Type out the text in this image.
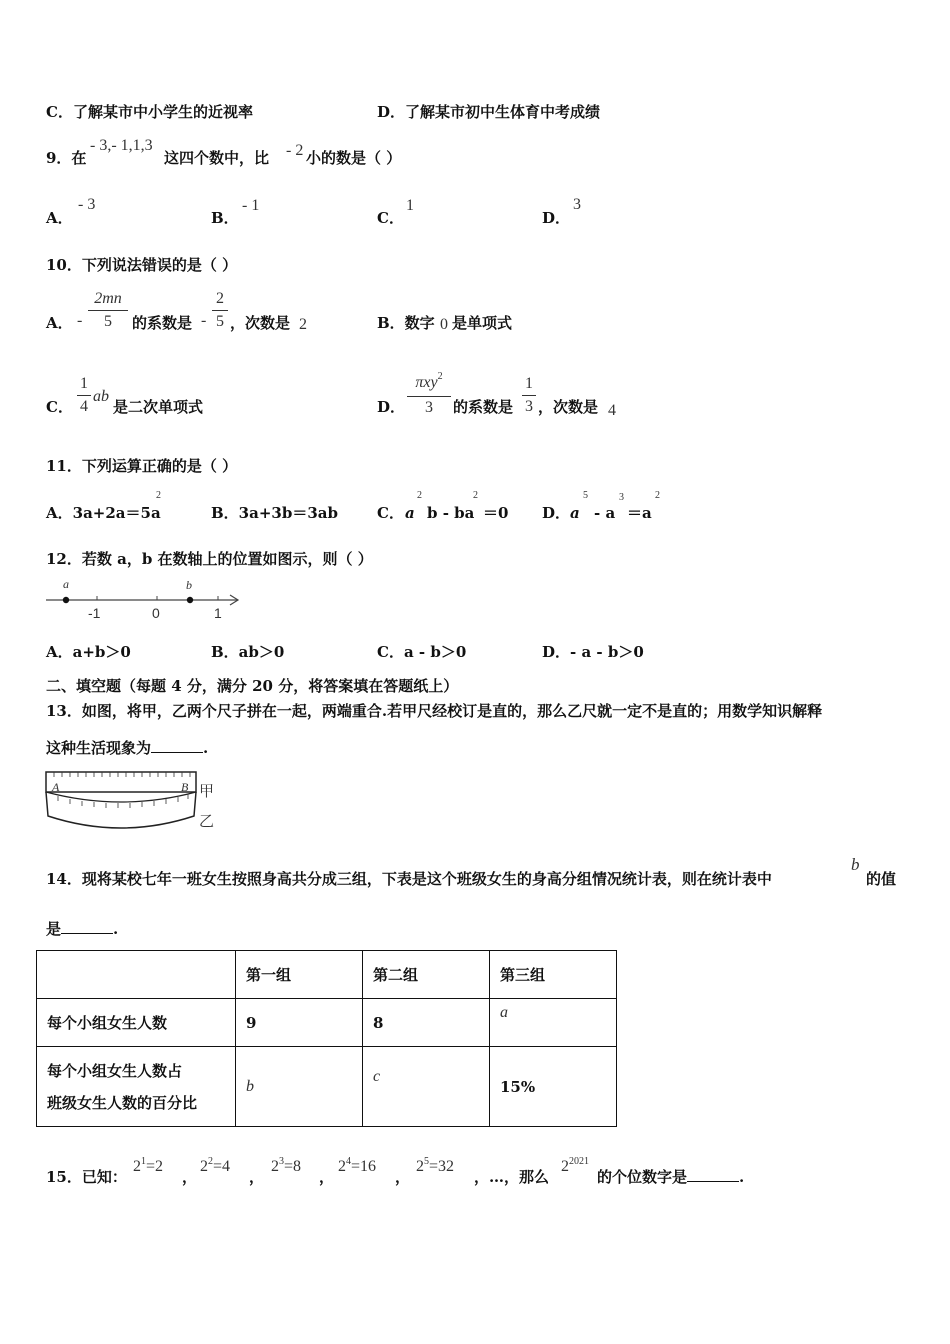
C．了解某市中小学生的近视率	D．了解某市初中生体育中考成绩
9．在
- 3,- 1,1,3
这四个数中，比 - 2 小的数是（ ）
A．
- 3
B．
- 1
C．
1
D．
3
10．下列说法错误的是（ ）
A． -
2mn
5 的系数是 -
2
5 ，次数是 2	B．数字 0 是单项式
C．
1
4
ab
是二次单项式	D．
πxy$^2$
3 的系数是
1
3 ，次数是 4
11．下列运算正确的是（ ）
A．3a+2a＝5a
2
B．3a+3b＝3ab	C． a
2
b - ba
2
＝0 D． a
5
- a
3
＝a
2
12．若数 a，b 在数轴上的位置如图示，则（ ）
a	b
-1	0	1
A．a+b＞0	B．ab＞0	C．a - b＞0	D．- a - b＞0
二、填空题（每题 4 分，满分 20 分，将答案填在答题纸上）
13．如图，将甲，乙两个尺子拼在一起，两端重合.若甲尺经校订是直的，那么乙尺就一定不是直的；用数学知识解释
这种生活现象为	.
A	B 甲
乙
14．现将某校七年一班女生按照身高共分成三组，下表是这个班级女生的身高分组情况统计表，则在统计表中
b
的值
是	.
	第一组	第二组	第三组
每个小组女生人数	9	8	a

每个小组女生人数占
班级女生人数的百分比	b	c	15%
15．已知：
$2^1=2$
，
$2^2=4$
，
$2^3=8$
，
$2^4=16$
，
$2^5=32$
，…，那么
$2^{2021}$
的个位数字是	.
